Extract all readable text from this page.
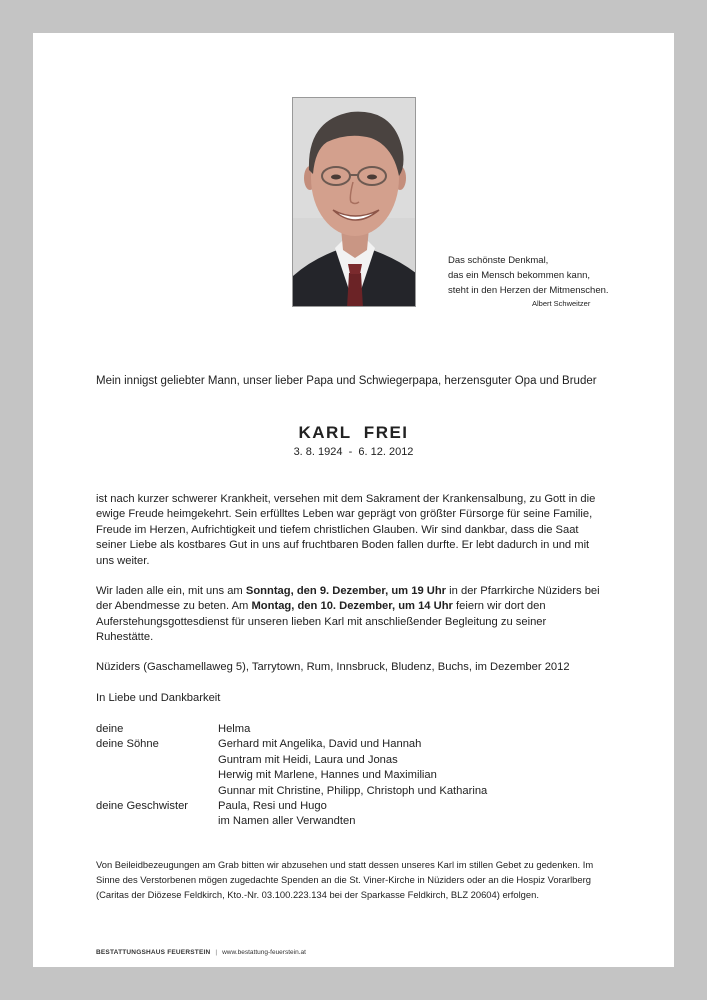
Das schönste Denkmal,
das ein Mensch bekommen kann,
steht in den Herzen der Mitmenschen.
Albert Schweitzer
Mein innigst geliebter Mann, unser lieber Papa und Schwiegerpapa, herzensguter Opa und Bruder
KARL  FREI
3. 8. 1924  -  6. 12. 2012
ist nach kurzer schwerer Krankheit, versehen mit dem Sakrament der Krankensalbung, zu Gott in die ewige Freude heimgekehrt. Sein erfülltes Leben war geprägt von größter Fürsorge für seine Familie, Freude im Herzen, Aufrichtigkeit und tiefem christlichen Glauben. Wir sind dankbar, dass die Saat seiner Liebe als kostbares Gut in uns auf fruchtbaren Boden fallen durfte. Er lebt dadurch in und mit uns weiter.
Wir laden alle ein, mit uns am Sonntag, den 9. Dezember, um 19 Uhr in der Pfarrkirche Nüziders bei der Abendmesse zu beten. Am Montag, den 10. Dezember, um 14 Uhr feiern wir dort den Auferstehungsgottesdienst für unseren lieben Karl mit anschließender Begleitung zu seiner Ruhestätte.
Nüziders (Gaschamellaweg 5), Tarrytown, Rum, Innsbruck, Bludenz, Buchs, im Dezember 2012
In Liebe und Dankbarkeit
deine	Helma
deine Söhne	Gerhard mit Angelika, David und Hannah
Guntram mit Heidi, Laura und Jonas
Herwig mit Marlene, Hannes und Maximilian
Gunnar mit Christine, Philipp, Christoph und Katharina
deine Geschwister	Paula, Resi und Hugo
im Namen aller Verwandten
Von Beileidbezeugungen am Grab bitten wir abzusehen und statt dessen unseres Karl im stillen Gebet zu gedenken. Im Sinne des Verstorbenen mögen zugedachte Spenden an die St. Viner-Kirche in Nüziders oder an die Hospiz Vorarlberg (Caritas der Diözese Feldkirch, Kto.-Nr. 03.100.223.134 bei der Sparkasse Feldkirch, BLZ 20604) erfolgen.
BESTATTUNGSHAUS FEUERSTEIN | www.bestattung-feuerstein.at
